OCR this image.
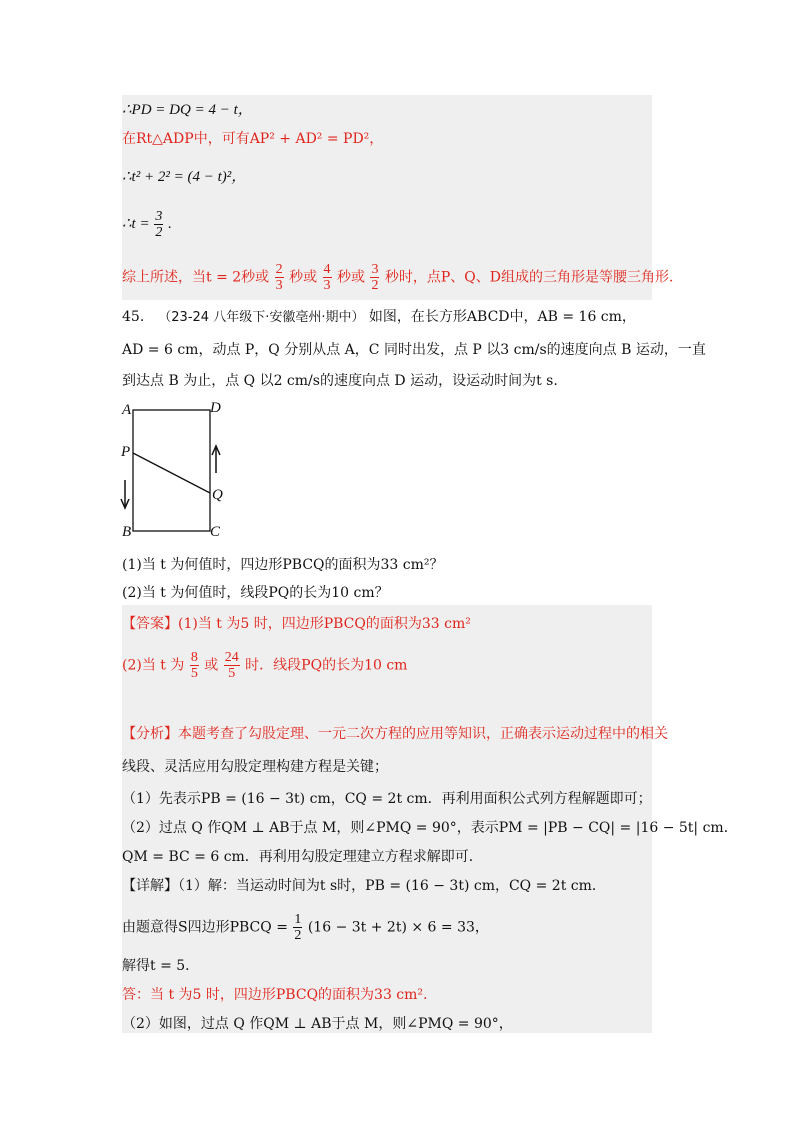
∴PD = DQ = 4 − t，
在Rt△ADP中，可有AP² + AD² = PD²，
∴t² + 2² = (4 − t)²，
∴t = $\frac{3}{2}$ .
综上所述，当t = 2秒或 $\frac{2}{3}$ 秒或 $\frac{4}{3}$ 秒或 $\frac{3}{2}$ 秒时，点P、Q、D组成的三角形是等腰三角形.
45． （23-24 八年级下·安徽亳州·期中） 如图，在长方形ABCD中，AB = 16 cm，
AD = 6 cm，动点 P，Q 分别从点 A，C 同时出发，点 P 以3 cm/s的速度向点 B 运动，一直
到达点 B 为止，点 Q 以2 cm/s的速度向点 D 运动，设运动时间为t s.
A	D
P
Q
B	C
(1)当 t 为何值时，四边形PBCQ的面积为33 cm²？
(2)当 t 为何值时，线段PQ的长为10 cm？
【答案】(1)当 t 为5 时，四边形PBCQ的面积为33 cm²
(2)当 t 为 $\frac{8}{5}$ 或 $\frac{24}{5}$ 时．线段PQ的长为10 cm
【分析】本题考查了勾股定理、一元二次方程的应用等知识，正确表示运动过程中的相关
线段、灵活应用勾股定理构建方程是关键；
（1）先表示PB = (16 − 3t) cm，CQ = 2t cm．再利用面积公式列方程解题即可；
（2）过点 Q 作QM ⊥ AB于点 M，则∠PMQ = 90°，表示PM = |PB − CQ| = |16 − 5t| cm．
QM = BC = 6 cm．再利用勾股定理建立方程求解即可．
【详解】（1）解：当运动时间为t s时，PB = (16 − 3t) cm，CQ = 2t cm．
由题意得S四边形PBCQ = $\frac{1}{2} (16 - 3t + 2t) \times 6 = 33$，
解得t = 5．
答：当 t 为5 时，四边形PBCQ的面积为33 cm².
（2）如图，过点 Q 作QM ⊥ AB于点 M，则∠PMQ = 90°，
